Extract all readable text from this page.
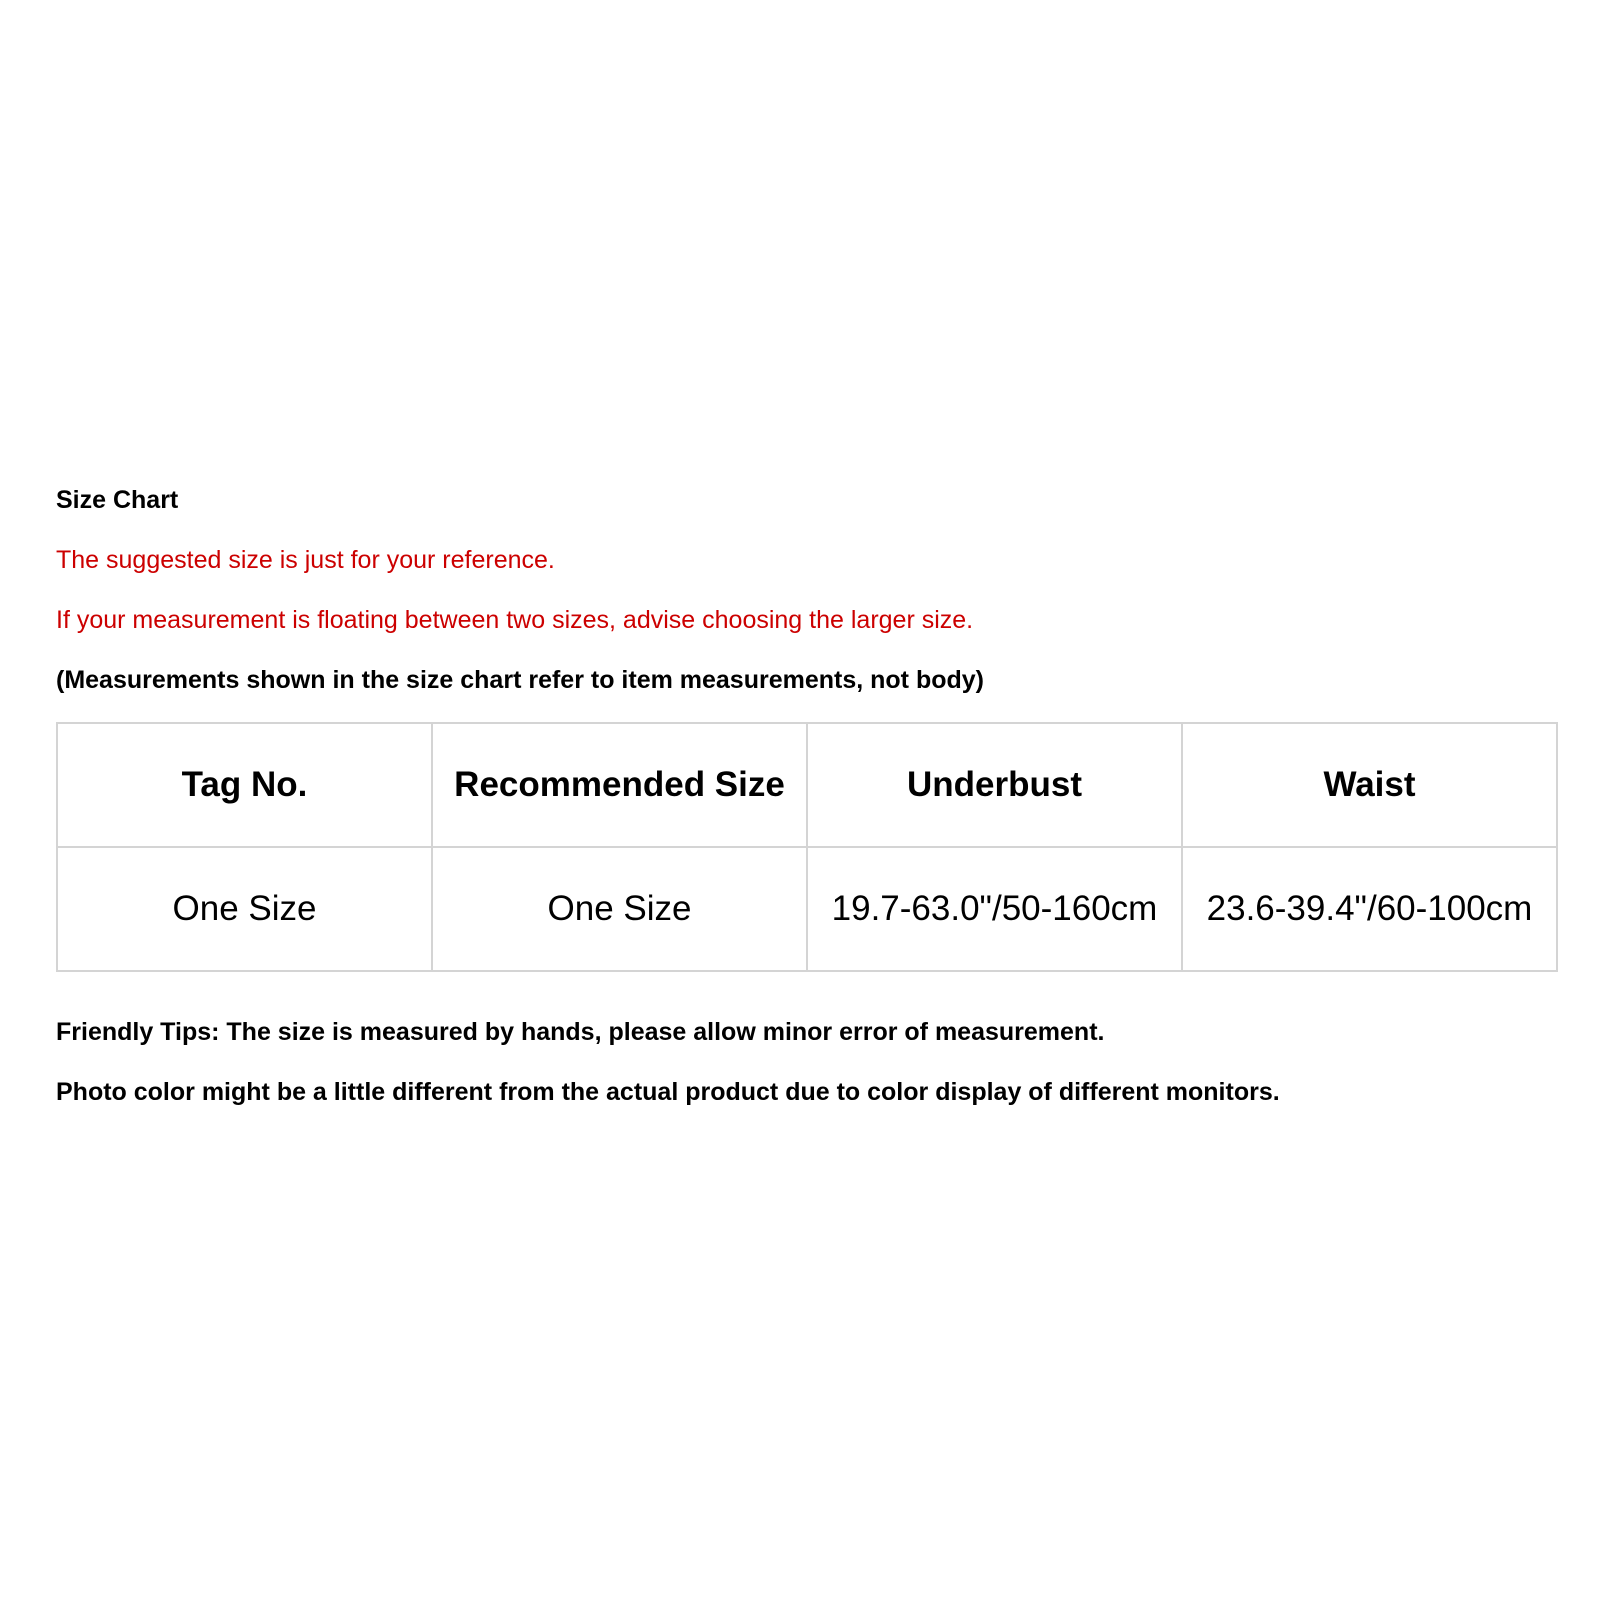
Size Chart

The suggested size is just for your reference.

If your measurement is floating between two sizes, advise choosing the larger size.

(Measurements shown in the size chart refer to item measurements, not body)

Tag No.	Recommended Size	Underbust	Waist
One Size	One Size	19.7-63.0"/50-160cm	23.6-39.4"/60-100cm

Friendly Tips: The size is measured by hands, please allow minor error of measurement.

Photo color might be a little different from the actual product due to color display of different monitors.
